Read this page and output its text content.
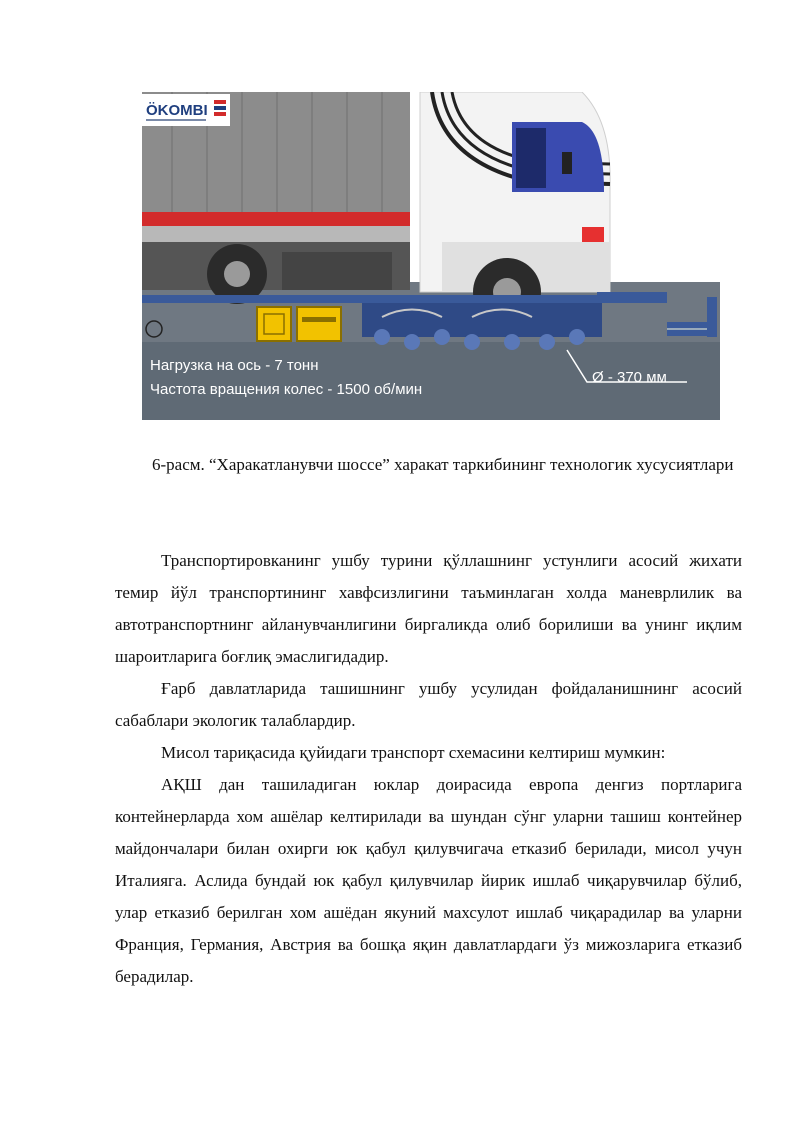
ÖKOMBI
Нагрузка на ось - 7 тонн
Частота вращения колес - 1500 об/мин
Ø - 370 мм
6-расм. “Харакатланувчи шоссе” харакат таркибининг технологик хусусиятлари

Транспортировканинг ушбу турини қўллашнинг устунлиги асосий жихати темир йўл транспортининг хавфсизлигини таъминлаган холда маневрлилик ва автотранспортнинг айланувчанлигини биргаликда олиб борилиши ва унинг иқлим шароитларига боғлиқ эмаслигидадир.

Ғарб давлатларида ташишнинг ушбу усулидан фойдаланишнинг асосий сабаблари экологик талаблардир.

Мисол тариқасида қуйидаги транспорт схемасини келтириш мумкин:

АҚШ дан ташиладиган юклар доирасида европа денгиз портларига контейнерларда хом ашёлар келтирилади ва шундан сўнг уларни ташиш контейнер майдончалари билан охирги юк қабул қилувчигача етказиб берилади, мисол учун Италияга. Аслида бундай юк қабул қилувчилар йирик ишлаб чиқарувчилар бўлиб, улар етказиб берилган хом ашёдан якуний махсулот ишлаб чиқарадилар ва уларни Франция, Германия, Австрия ва бошқа яқин давлатлардаги ўз мижозларига етказиб берадилар.
